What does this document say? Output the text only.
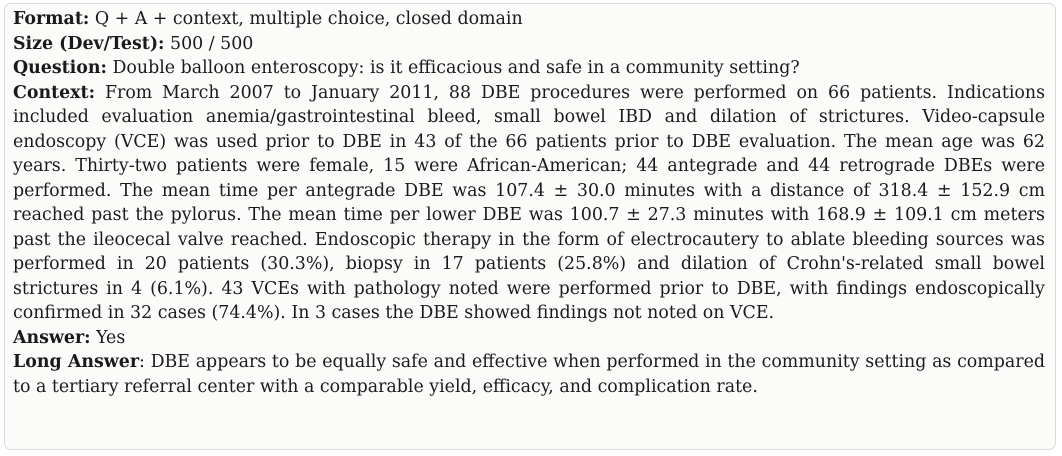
Format: Q + A + context, multiple choice, closed domain

Size (Dev/Test): 500 / 500

Question: Double balloon enteroscopy: is it efficacious and safe in a community setting?

Context: From March 2007 to January 2011, 88 DBE procedures were performed on 66 patients. Indications included evaluation anemia/gastrointestinal bleed, small bowel IBD and dilation of strictures. Video-capsule endoscopy (VCE) was used prior to DBE in 43 of the 66 patients prior to DBE evaluation. The mean age was 62 years. Thirty-two patients were female, 15 were African-American; 44 antegrade and 44 retrograde DBEs were performed. The mean time per antegrade DBE was 107.4 ± 30.0 minutes with a distance of 318.4 ± 152.9 cm reached past the pylorus. The mean time per lower DBE was 100.7 ± 27.3 minutes with 168.9 ± 109.1 cm meters past the ileocecal valve reached. Endoscopic therapy in the form of electrocautery to ablate bleeding sources was performed in 20 patients (30.3%), biopsy in 17 patients (25.8%) and dilation of Crohn's-related small bowel strictures in 4 (6.1%). 43 VCEs with pathology noted were performed prior to DBE, with findings endoscopically confirmed in 32 cases (74.4%). In 3 cases the DBE showed findings not noted on VCE.

Answer: Yes

Long Answer: DBE appears to be equally safe and effective when performed in the community setting as compared to a tertiary referral center with a comparable yield, efficacy, and complication rate.
